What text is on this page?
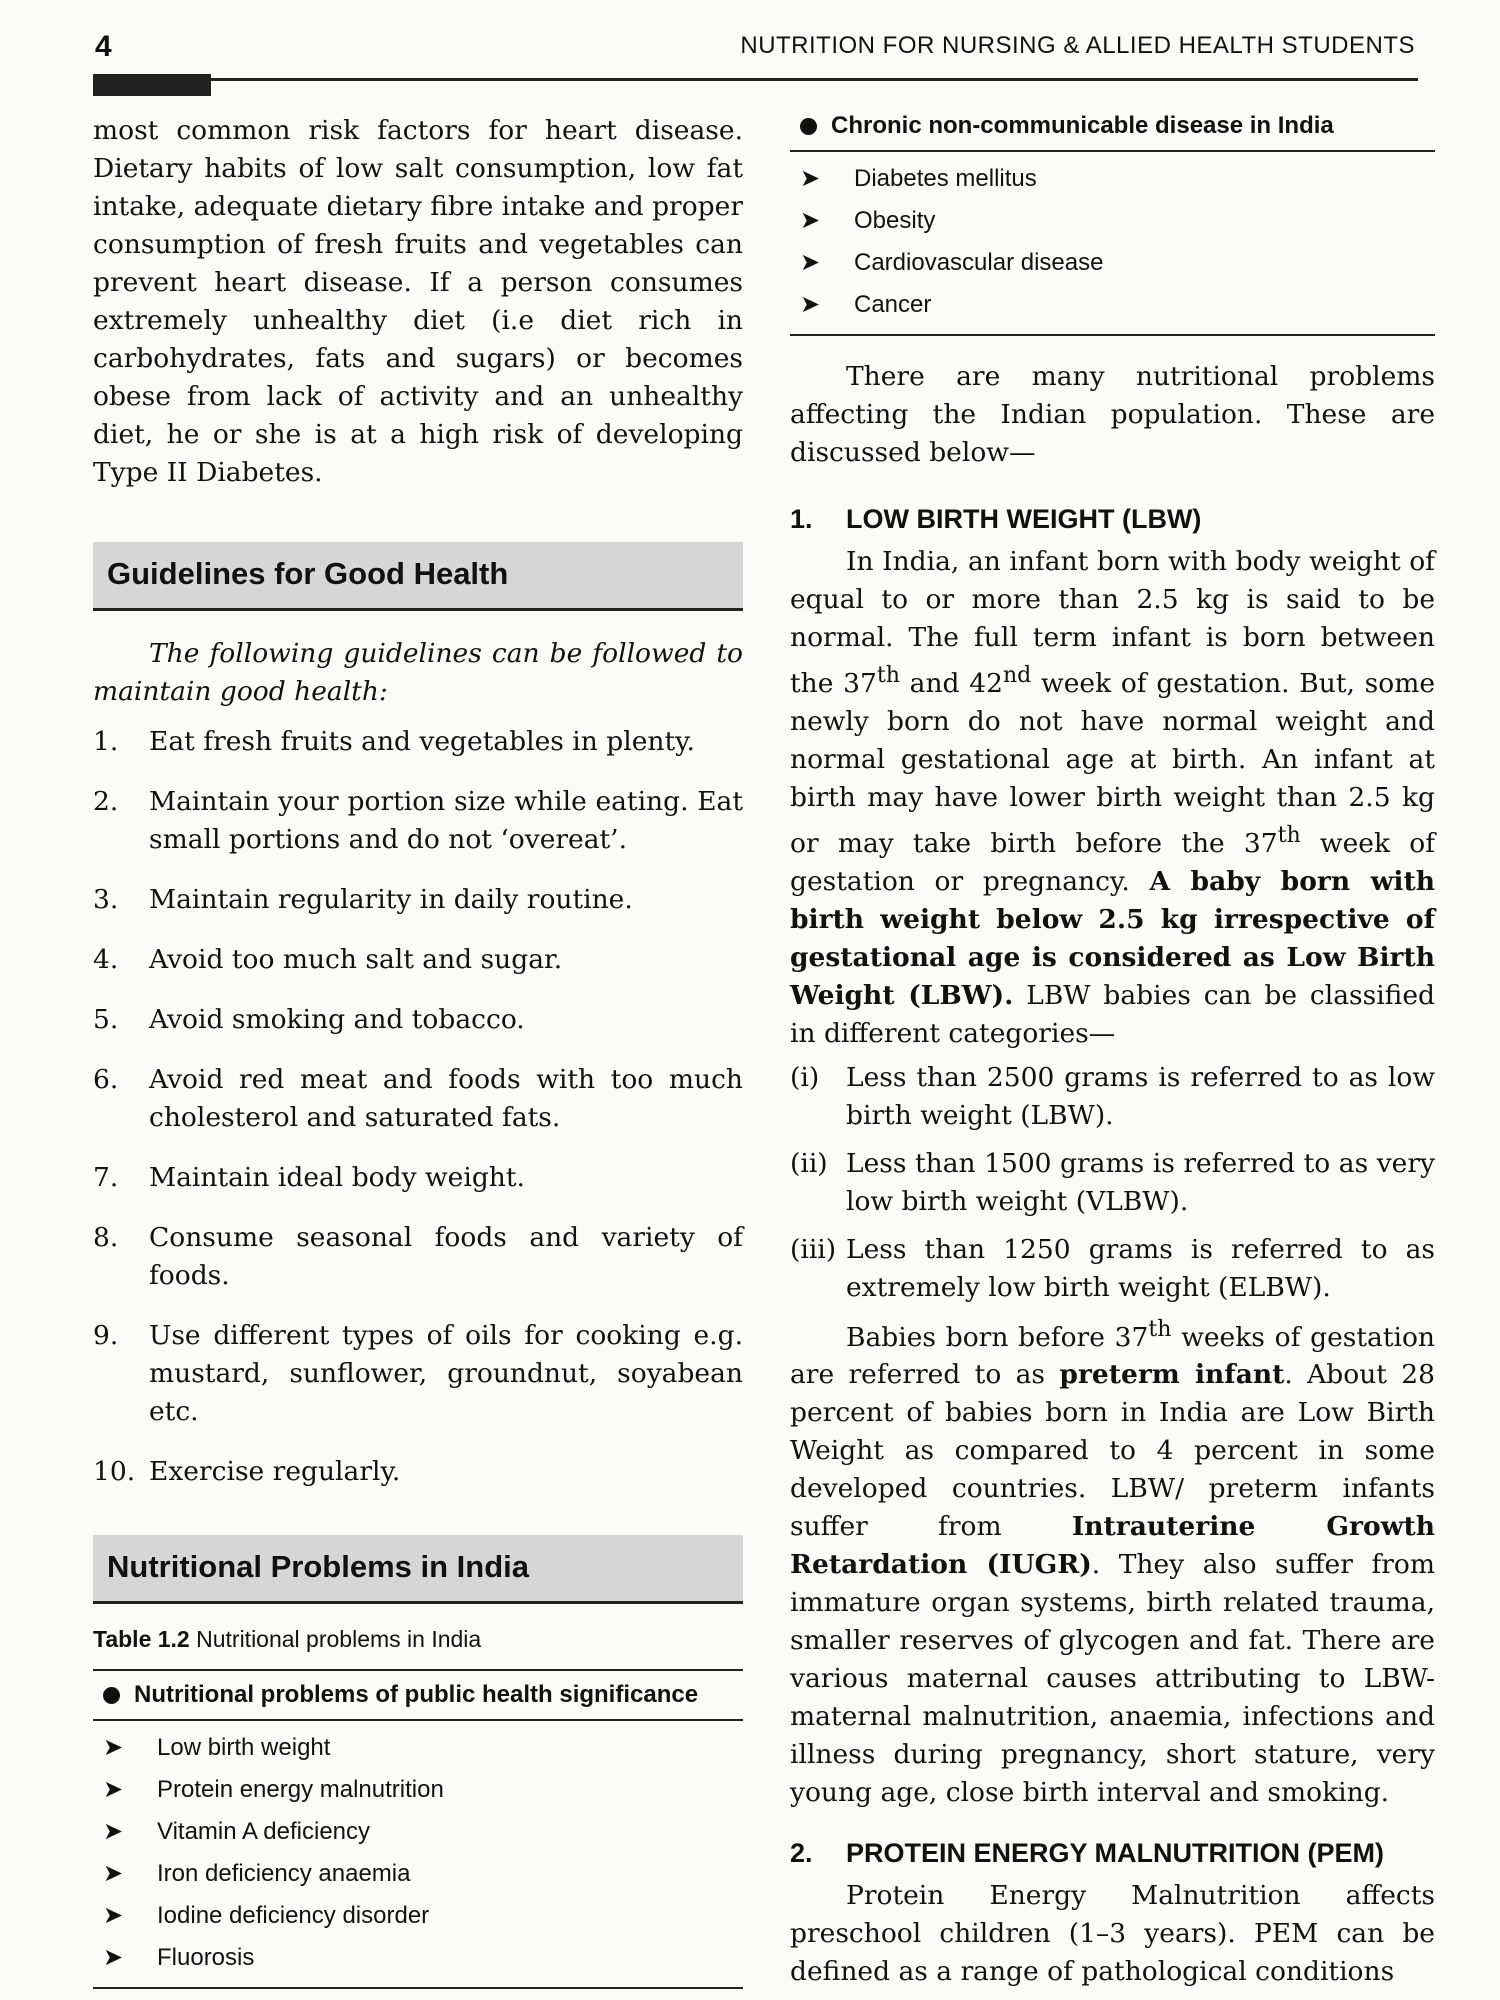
4	NUTRITION FOR NURSING & ALLIED HEALTH STUDENTS

most common risk factors for heart disease. Dietary habits of low salt consumption, low fat intake, adequate dietary fibre intake and proper consumption of fresh fruits and vegetables can prevent heart disease. If a person consumes extremely unhealthy diet (i.e diet rich in carbohydrates, fats and sugars) or becomes obese from lack of activity and an unhealthy diet, he or she is at a high risk of developing Type II Diabetes.

Guidelines for Good Health

The following guidelines can be followed to maintain good health:

1.	Eat fresh fruits and vegetables in plenty.
2.	Maintain your portion size while eating. Eat small portions and do not ‘overeat’.
3.	Maintain regularity in daily routine.
4.	Avoid too much salt and sugar.
5.	Avoid smoking and tobacco.
6.	Avoid red meat and foods with too much cholesterol and saturated fats.
7.	Maintain ideal body weight.
8.	Consume seasonal foods and variety of foods.
9.	Use different types of oils for cooking e.g. mustard, sunflower, groundnut, soyabean etc.
10. Exercise regularly.
Nutritional Problems in India

Table 1.2 Nutritional problems in India

Nutritional problems of public health significance
➤	Low birth weight
➤	Protein energy malnutrition
➤	Vitamin A deficiency
➤	Iron deficiency anaemia
➤	Iodine deficiency disorder
➤	Fluorosis
Chronic non-communicable disease in India
➤	Diabetes mellitus
➤	Obesity
➤	Cardiovascular disease
➤	Cancer

There are many nutritional problems affecting the Indian population. These are discussed below—

1.	LOW BIRTH WEIGHT (LBW)

In India, an infant born with body weight of equal to or more than 2.5 kg is said to be normal. The full term infant is born between the 37th and 42nd week of gestation. But, some newly born do not have normal weight and normal gestational age at birth. An infant at birth may have lower birth weight than 2.5 kg or may take birth before the 37th week of gestation or pregnancy. A baby born with birth weight below 2.5 kg irrespective of gestational age is considered as Low Birth Weight (LBW). LBW babies can be classified in different categories—

(i)	Less than 2500 grams is referred to as low birth weight (LBW).
(ii) Less than 1500 grams is referred to as very low birth weight (VLBW).
(iii) Less than 1250 grams is referred to as extremely low birth weight (ELBW).

Babies born before 37th weeks of gestation are referred to as preterm infant. About 28 percent of babies born in India are Low Birth Weight as compared to 4 percent in some developed countries. LBW/ preterm infants suffer from Intrauterine Growth Retardation (IUGR). They also suffer from immature organ systems, birth related trauma, smaller reserves of glycogen and fat. There are various maternal causes attributing to LBW- maternal malnutrition, anaemia, infections and illness during pregnancy, short stature, very young age, close birth interval and smoking.

2.	PROTEIN ENERGY MALNUTRITION (PEM)

Protein Energy Malnutrition affects preschool children (1–3 years). PEM can be defined as a range of pathological conditions
